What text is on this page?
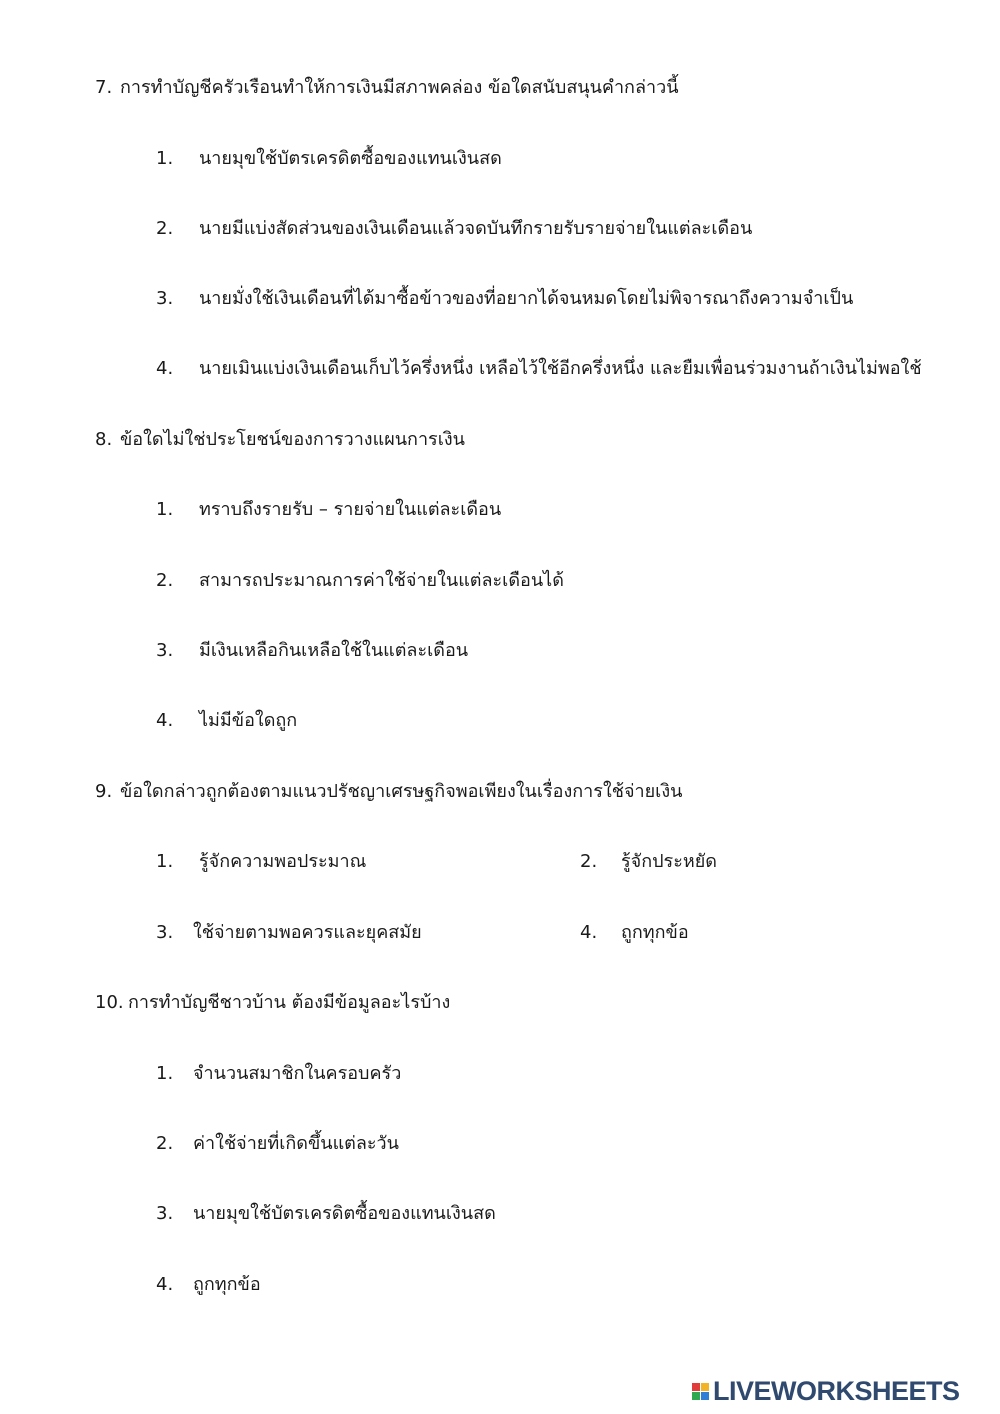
7. การทำบัญชีครัวเรือนทำให้การเงินมีสภาพคล่อง ข้อใดสนับสนุนคำกล่าวนี้
1. นายมุขใช้บัตรเครดิตซื้อของแทนเงินสด
2. นายมีแบ่งสัดส่วนของเงินเดือนแล้วจดบันทึกรายรับรายจ่ายในแต่ละเดือน
3. นายมั่งใช้เงินเดือนที่ได้มาซื้อข้าวของที่อยากได้จนหมดโดยไม่พิจารณาถึงความจำเป็น
4. นายเมินแบ่งเงินเดือนเก็บไว้ครึ่งหนึ่ง เหลือไว้ใช้อีกครึ่งหนึ่ง และยืมเพื่อนร่วมงานถ้าเงินไม่พอใช้
8. ข้อใดไม่ใช่ประโยชน์ของการวางแผนการเงิน
1. ทราบถึงรายรับ – รายจ่ายในแต่ละเดือน
2. สามารถประมาณการค่าใช้จ่ายในแต่ละเดือนได้
3. มีเงินเหลือกินเหลือใช้ในแต่ละเดือน
4. ไม่มีข้อใดถูก
9. ข้อใดกล่าวถูกต้องตามแนวปรัชญาเศรษฐกิจพอเพียงในเรื่องการใช้จ่ายเงิน
1. รู้จักความพอประมาณ	2. รู้จักประหยัด
3. ใช้จ่ายตามพอควรและยุคสมัย	4. ถูกทุกข้อ
10. การทำบัญชีชาวบ้าน ต้องมีข้อมูลอะไรบ้าง
1. จำนวนสมาชิกในครอบครัว
2. ค่าใช้จ่ายที่เกิดขึ้นแต่ละวัน
3. นายมุขใช้บัตรเครดิตซื้อของแทนเงินสด
4. ถูกทุกข้อ
LIVEWORKSHEETS
